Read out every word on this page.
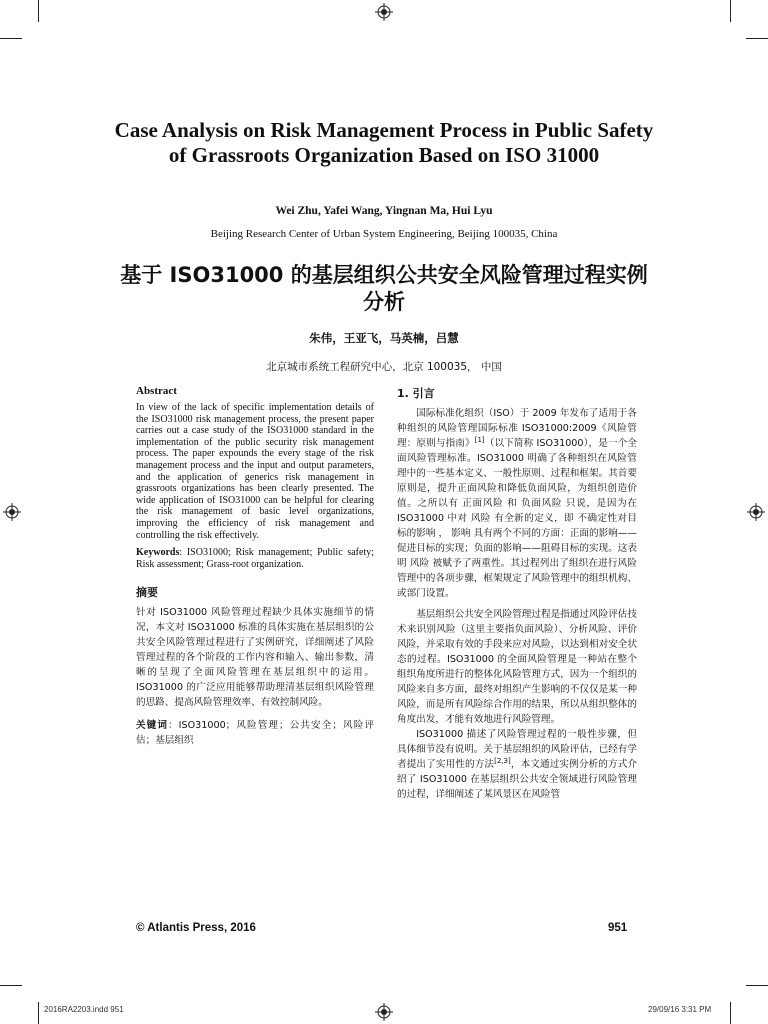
Case Analysis on Risk Management Process in Public Safety of Grassroots Organization Based on ISO 31000
Wei Zhu, Yafei Wang, Yingnan Ma, Hui Lyu
Beijing Research Center of Urban System Engineering, Beijing 100035, China
基于 ISO31000 的基层组织公共安全风险管理过程实例分析
朱伟，王亚飞，马英楠，吕慧
北京城市系统工程研究中心，北京 100035， 中国
Abstract
In view of the lack of specific implementation details of the ISO31000 risk management process, the present paper carries out a case study of the ISO31000 standard in the implementation of the public security risk management process. The paper expounds the every stage of the risk management process and the input and output parameters, and the application of generics risk management in grassroots organizations has been clearly presented. The wide application of ISO31000 can be helpful for clearing the risk management of basic level organizations, improving the efficiency of risk management and controlling the risk effectively.
Keywords: ISO31000; Risk management; Public safety; Risk assessment; Grass-root organization.
摘要
针对 ISO31000 风险管理过程缺少具体实施细节的情况，本文对 ISO31000 标准的具体实施在基层组织的公共安全风险管理过程进行了实例研究，详细阐述了风险管理过程的各个阶段的工作内容和输入、输出参数，清晰的呈现了全面风险管理在基层组织中的运用。ISO31000 的广泛应用能够帮助理清基层组织风险管理的思路、提高风险管理效率、有效控制风险。
关键词：ISO31000；风险管理；公共安全；风险评估；基层组织
1. 引言
国际标准化组织（ISO）于 2009 年发布了适用于各种组织的风险管理国际标准 ISO31000:2009《风险管理：原则与指南》[1]（以下简称 ISO31000），是一个全面风险管理标准。ISO31000 明确了各种组织在风险管理中的一些基本定义、一般性原则、过程和框架。其首要原则是，提升正面风险和降低负面风险，为组织创造价值。之所以有 正面风险 和 负面风险 只说，是因为在 ISO31000 中对 风险 有全新的定义，即 不确定性对目标的影响 ， 影响 具有两个不同的方面：正面的影响——促进目标的实现；负面的影响——阻碍目标的实现。这表明 风险 被赋予了两重性。其过程列出了组织在进行风险管理中的各项步骤，框架规定了风险管理中的组织机构、或部门设置。
基层组织公共安全风险管理过程是指通过风险评估技术来识别风险（这里主要指负面风险）、分析风险、评价风险，并采取有效的手段来应对风险，以达到相对安全状态的过程。ISO31000 的全面风险管理是一种站在整个组织角度所进行的整体化风险管理方式，因为一个组织的风险来自多方面，最终对组织产生影响的不仅仅是某一种风险，而是所有风险综合作用的结果，所以从组织整体的角度出发，才能有效地进行风险管理。
ISO31000 描述了风险管理过程的一般性步骤，但具体细节没有说明。关于基层组织的风险评估，已经有学者提出了实用性的方法[2,3]，本文通过实例分析的方式介绍了 ISO31000 在基层组织公共安全领域进行风险管理的过程，详细阐述了某风景区在风险管
© Atlantis Press, 2016	951
2016RA2203.indd 951	29/09/16 3:31 PM
